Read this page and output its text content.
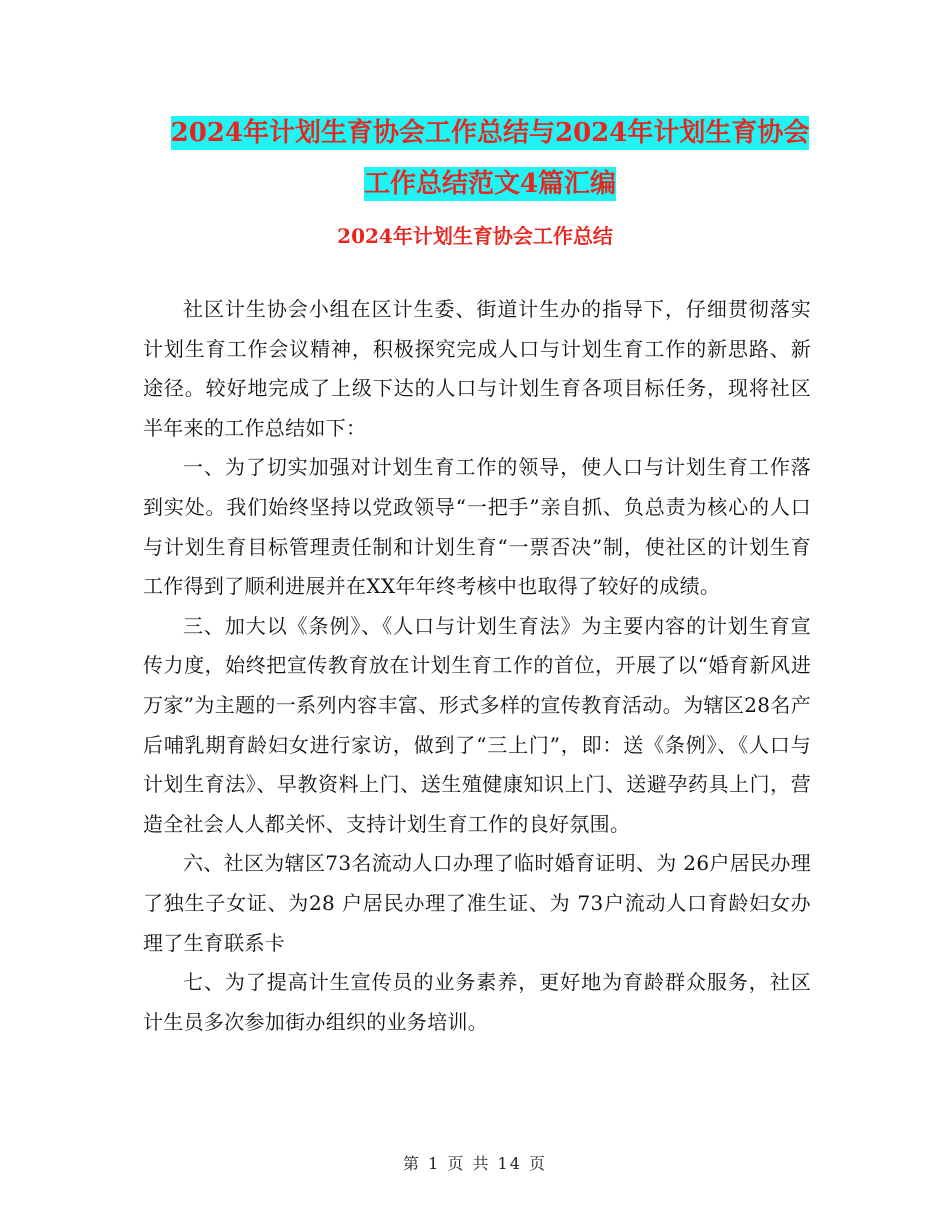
2024年计划生育协会工作总结与2024年计划生育协会
工作总结范文4篇汇编
2024年计划生育协会工作总结

社区计生协会小组在区计生委、街道计生办的指导下，仔细贯彻落实计划生育工作会议精神，积极探究完成人口与计划生育工作的新思路、新途径。较好地完成了上级下达的人口与计划生育各项目标任务，现将社区半年来的工作总结如下：

一、为了切实加强对计划生育工作的领导，使人口与计划生育工作落到实处。我们始终坚持以党政领导“一把手”亲自抓、负总责为核心的人口与计划生育目标管理责任制和计划生育“一票否决”制，使社区的计划生育工作得到了顺利进展并在XX年年终考核中也取得了较好的成绩。

三、加大以《条例》、《人口与计划生育法》为主要内容的计划生育宣传力度，始终把宣传教育放在计划生育工作的首位，开展了以“婚育新风进万家”为主题的一系列内容丰富、形式多样的宣传教育活动。为辖区28名产后哺乳期育龄妇女进行家访，做到了“三上门”，即：送《条例》、《人口与计划生育法》、早教资料上门、送生殖健康知识上门、送避孕药具上门，营造全社会人人都关怀、支持计划生育工作的良好氛围。

六、社区为辖区73名流动人口办理了临时婚育证明、为 26户居民办理了独生子女证、为28 户居民办理了准生证、为 73户流动人口育龄妇女办理了生育联系卡

七、为了提高计生宣传员的业务素养，更好地为育龄群众服务，社区计生员多次参加街办组织的业务培训。

第 1 页 共 14 页
